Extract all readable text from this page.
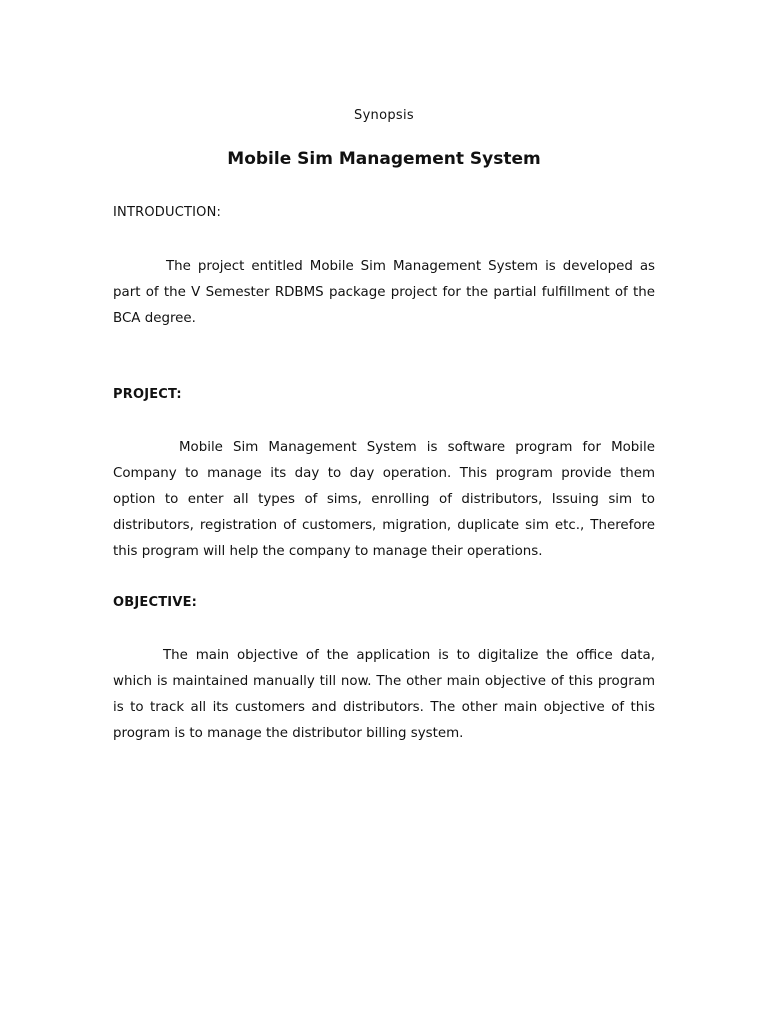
Synopsis
Mobile Sim Management System
INTRODUCTION:
The project entitled Mobile Sim Management System is developed as part of the V Semester RDBMS package project for the partial fulfillment of the BCA degree.
PROJECT:
Mobile Sim Management System is software program for Mobile Company to manage its day to day operation. This program provide them option to enter all types of sims, enrolling of distributors, Issuing sim to distributors, registration of customers, migration, duplicate sim etc., Therefore this program will help the company to manage their operations.
OBJECTIVE:
The main objective of the application is to digitalize the office data, which is maintained manually till now. The other main objective of this program is to track all its customers and distributors. The other main objective of this program is to manage the distributor billing system.
